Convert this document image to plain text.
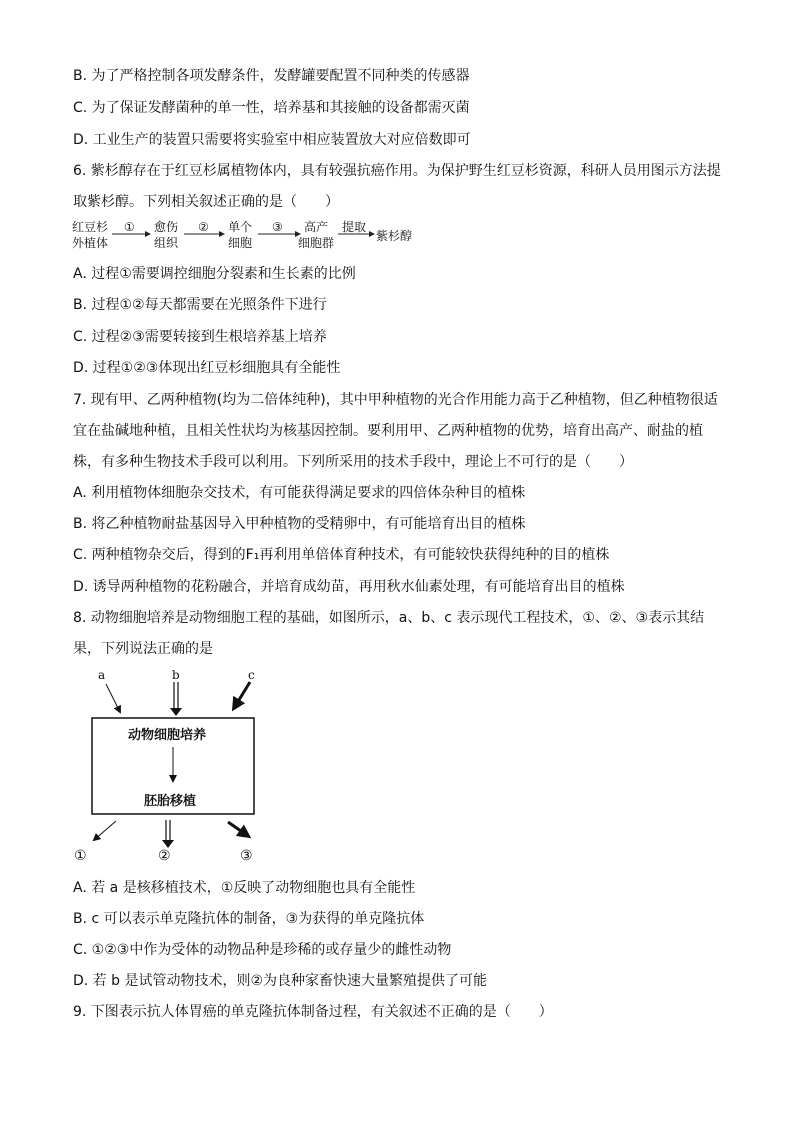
B. 为了严格控制各项发酵条件，发酵罐要配置不同种类的传感器
C. 为了保证发酵菌种的单一性，培养基和其接触的设备都需灭菌
D. 工业生产的装置只需要将实验室中相应装置放大对应倍数即可
6. 紫杉醇存在于红豆杉属植物体内，具有较强抗癌作用。为保护野生红豆杉资源，科研人员用图示方法提
取紫杉醇。下列相关叙述正确的是（　　）
红豆杉
外植体
① 愈伤
组织
② 单个
细胞
③ 高产
细胞群
提取
紫杉醇
A. 过程①需要调控细胞分裂素和生长素的比例
B. 过程①②每天都需要在光照条件下进行
C. 过程②③需要转接到生根培养基上培养
D. 过程①②③体现出红豆杉细胞具有全能性
7. 现有甲、乙两种植物(均为二倍体纯种)，其中甲种植物的光合作用能力高于乙种植物，但乙种植物很适
宜在盐碱地种植，且相关性状均为核基因控制。要利用甲、乙两种植物的优势，培育出高产、耐盐的植
株，有多种生物技术手段可以利用。下列所采用的技术手段中，理论上不可行的是（　　）
A. 利用植物体细胞杂交技术，有可能获得满足要求的四倍体杂种目的植株
B. 将乙种植物耐盐基因导入甲种植物的受精卵中，有可能培育出目的植株
C. 两种植物杂交后，得到的F₁再利用单倍体育种技术，有可能较快获得纯种的目的植株
D. 诱导两种植物的花粉融合，并培育成幼苗，再用秋水仙素处理，有可能培育出目的植株
8. 动物细胞培养是动物细胞工程的基础，如图所示，a、b、c 表示现代工程技术，①、②、③表示其结
果，下列说法正确的是
a	b	c
动物细胞培养
胚胎移植
①	②	③
A. 若 a 是核移植技术，①反映了动物细胞也具有全能性
B. c 可以表示单克隆抗体的制备，③为获得的单克隆抗体
C. ①②③中作为受体的动物品种是珍稀的或存量少的雌性动物
D. 若 b 是试管动物技术，则②为良种家畜快速大量繁殖提供了可能
9. 下图表示抗人体胃癌的单克隆抗体制备过程，有关叙述不正确的是（　　）
